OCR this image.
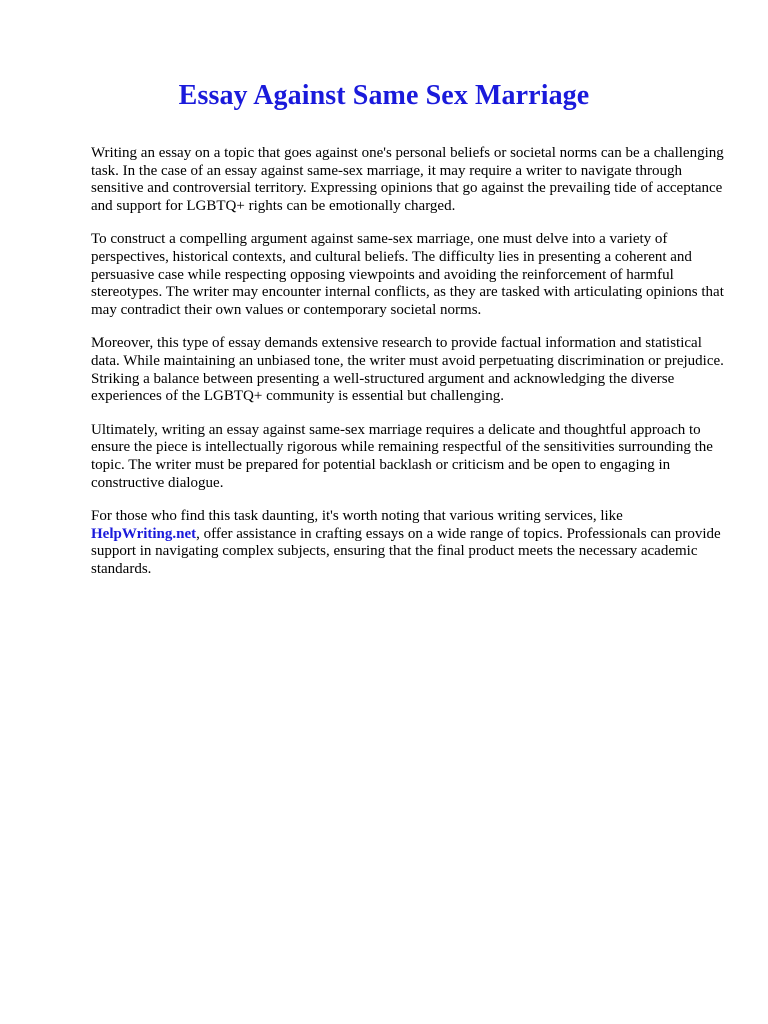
Essay Against Same Sex Marriage

Writing an essay on a topic that goes against one's personal beliefs or societal norms can be a challenging task. In the case of an essay against same-sex marriage, it may require a writer to navigate through sensitive and controversial territory. Expressing opinions that go against the prevailing tide of acceptance and support for LGBTQ+ rights can be emotionally charged.

To construct a compelling argument against same-sex marriage, one must delve into a variety of perspectives, historical contexts, and cultural beliefs. The difficulty lies in presenting a coherent and persuasive case while respecting opposing viewpoints and avoiding the reinforcement of harmful stereotypes. The writer may encounter internal conflicts, as they are tasked with articulating opinions that may contradict their own values or contemporary societal norms.

Moreover, this type of essay demands extensive research to provide factual information and statistical data. While maintaining an unbiased tone, the writer must avoid perpetuating discrimination or prejudice. Striking a balance between presenting a well-structured argument and acknowledging the diverse experiences of the LGBTQ+ community is essential but challenging.

Ultimately, writing an essay against same-sex marriage requires a delicate and thoughtful approach to ensure the piece is intellectually rigorous while remaining respectful of the sensitivities surrounding the topic. The writer must be prepared for potential backlash or criticism and be open to engaging in constructive dialogue.

For those who find this task daunting, it's worth noting that various writing services, like HelpWriting.net, offer assistance in crafting essays on a wide range of topics. Professionals can provide support in navigating complex subjects, ensuring that the final product meets the necessary academic standards.
